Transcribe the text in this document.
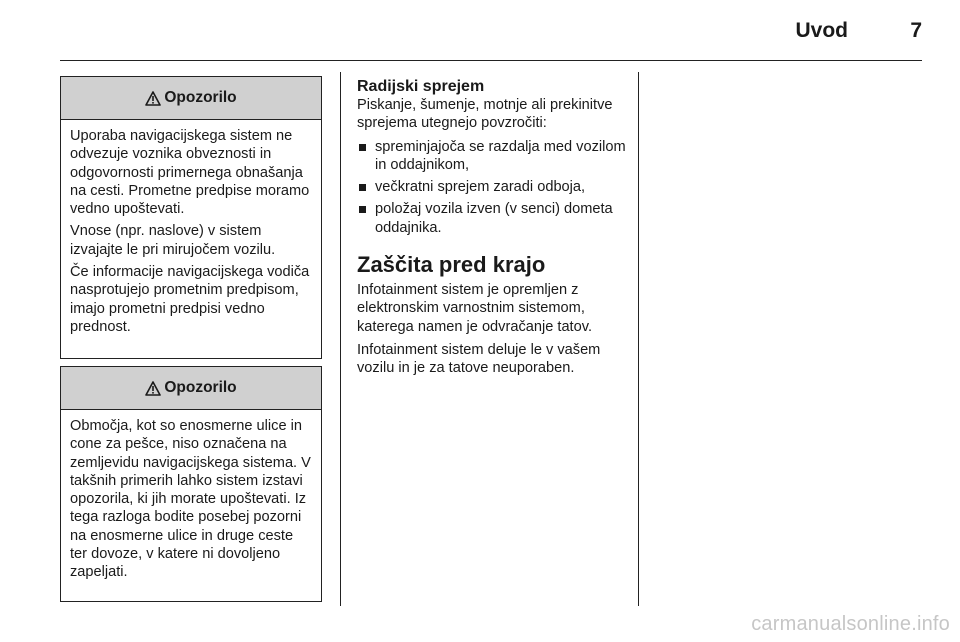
Uvod	7
Opozorilo

Uporaba navigacijskega sistem ne odvezuje voznika obveznosti in odgovornosti primernega obnašanja na cesti. Prometne predpise moramo vedno upoštevati.

Vnose (npr. naslove) v sistem izvajajte le pri mirujočem vozilu.

Če informacije navigacijskega vodiča nasprotujejo prometnim predpisom, imajo prometni predpisi vedno prednost.

Opozorilo

Območja, kot so enosmerne ulice in cone za pešce, niso označena na zemljevidu navigacijskega sistema. V takšnih primerih lahko sistem izstavi opozorila, ki jih morate upoštevati. Iz tega razloga bodite posebej pozorni na enosmerne ulice in druge ceste ter dovoze, v katere ni dovoljeno zapeljati.

Radijski sprejem

Piskanje, šumenje, motnje ali prekinitve sprejema utegnejo povzročiti:

spreminjajoča se razdalja med vozilom in oddajnikom,
večkratni sprejem zaradi odboja,
položaj vozila izven (v senci) dometa oddajnika.
Zaščita pred krajo

Infotainment sistem je opremljen z elektronskim varnostnim sistemom, katerega namen je odvračanje tatov.

Infotainment sistem deluje le v vašem vozilu in je za tatove neuporaben.

carmanualsonline.info
